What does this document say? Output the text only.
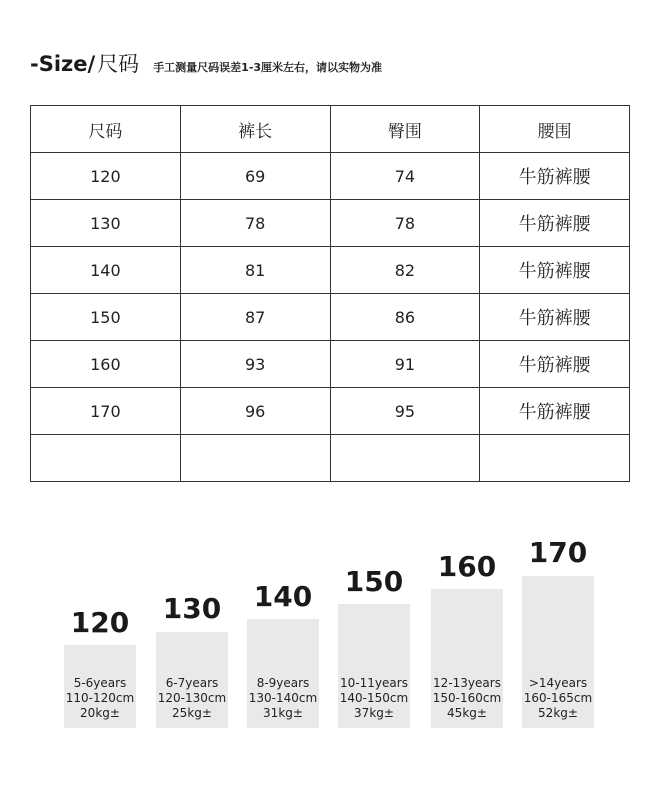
-Size/ 尺码 手工测量尺码误差1-3厘米左右，请以实物为准
尺码	裤长	臀围	腰围
120	69	74	牛筋裤腰
130	78	78	牛筋裤腰
140	81	82	牛筋裤腰
150	87	86	牛筋裤腰
160	93	91	牛筋裤腰
170	96	95	牛筋裤腰

120
5-6years
110-120cm
20kg±
130
6-7years
120-130cm
25kg±
140
8-9years
130-140cm
31kg±
150
10-11years
140-150cm
37kg±
160
12-13years
150-160cm
45kg±
170
>14years
160-165cm
52kg±
